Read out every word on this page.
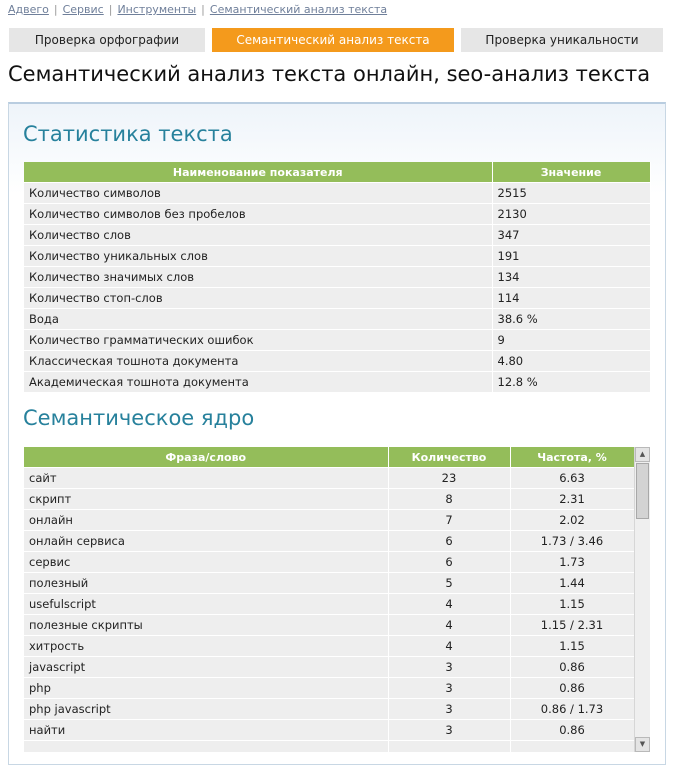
Адвего | Сервис | Инструменты | Семантический анализ текста
Проверка орфографии	Семантический анализ текста	Проверка уникальности
Семантический анализ текста онлайн, seo-анализ текста
Статистика текста
Наименование показателя	Значение
Количество символов	2515
Количество символов без пробелов	2130
Количество слов	347
Количество уникальных слов	191
Количество значимых слов	134
Количество стоп-слов	114
Вода	38.6 %
Количество грамматических ошибок	9
Классическая тошнота документа	4.80
Академическая тошнота документа	12.8 %
Семантическое ядро
Фраза/слово	Количество	Частота, %
сайт	23	6.63
скрипт	8	2.31
онлайн	7	2.02
онлайн сервиса	6	1.73 / 3.46
сервис	6	1.73
полезный	5	1.44
usefulscript	4	1.15
полезные скрипты	4	1.15 / 2.31
хитрость	4	1.15
javascript	3	0.86
php	3	0.86
php javascript	3	0.86 / 1.73
найти	3	0.86

▲
▼
